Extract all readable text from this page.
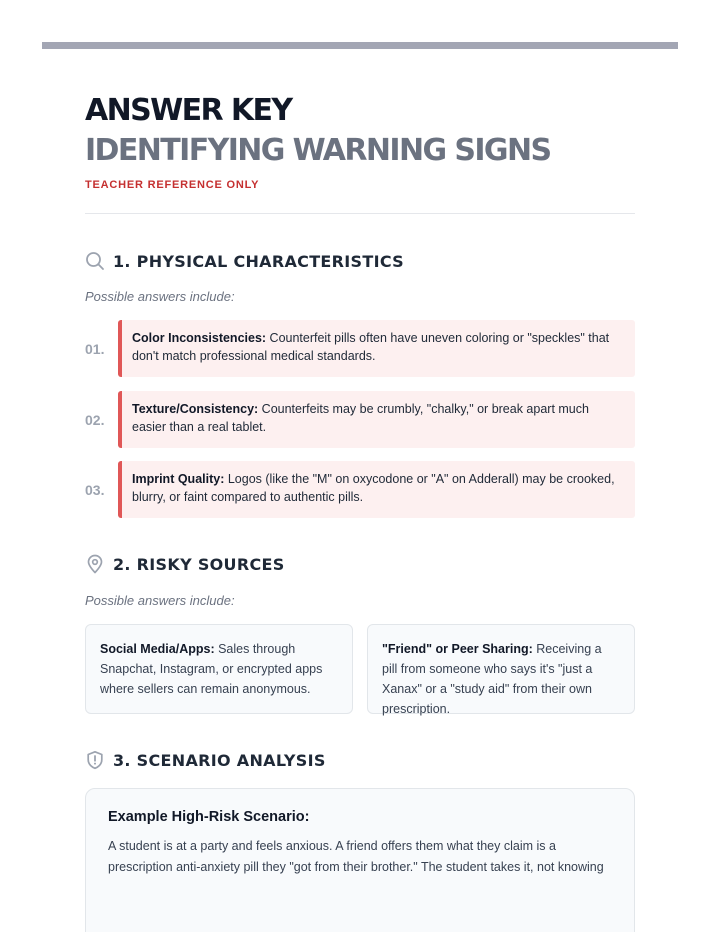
ANSWER KEY
IDENTIFYING WARNING SIGNS
TEACHER REFERENCE ONLY
1. PHYSICAL CHARACTERISTICS
Possible answers include:
01.
Color Inconsistencies: Counterfeit pills often have uneven coloring or "speckles" that don't match professional medical standards.
02.
Texture/Consistency: Counterfeits may be crumbly, "chalky," or break apart much easier than a real tablet.
03.
Imprint Quality: Logos (like the "M" on oxycodone or "A" on Adderall) may be crooked, blurry, or faint compared to authentic pills.
2. RISKY SOURCES
Possible answers include:
Social Media/Apps: Sales through Snapchat, Instagram, or encrypted apps where sellers can remain anonymous.
"Friend" or Peer Sharing: Receiving a pill from someone who says it's "just a Xanax" or a "study aid" from their own prescription.
3. SCENARIO ANALYSIS
Example High-Risk Scenario:
A student is at a party and feels anxious. A friend offers them what they claim is a prescription anti-anxiety pill they "got from their brother." The student takes it, not knowing
